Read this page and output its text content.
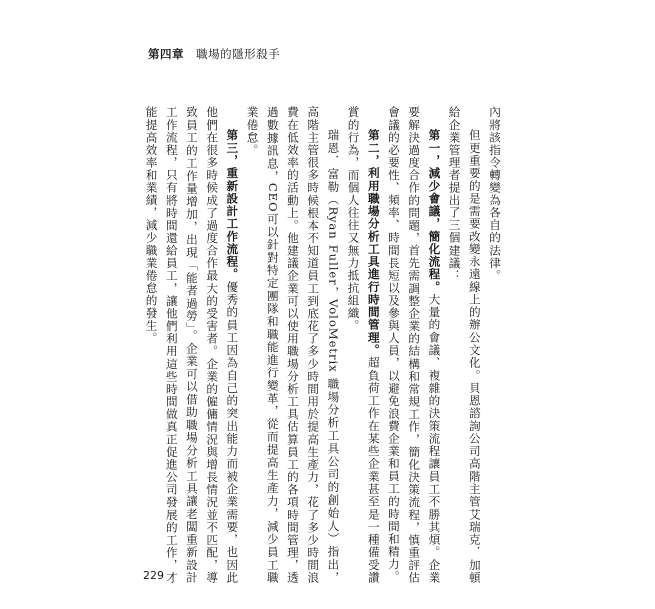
第四章 職場的隱形殺手

內將該指令轉變為各自的法律。

但更重要的是需要改變永遠線上的辦公文化。貝恩諮詢公司高階主管艾瑞克．加頓給企業管理者提出了三個建議：

第一，減少會議，簡化流程。大量的會議、複雜的決策流程讓員工不勝其煩。企業要解決過度合作的問題，首先需調整企業的結構和常規工作，簡化決策流程，慎重評估會議的必要性、頻率、時間長短以及參與人員，以避免浪費企業和員工的時間和精力。

第二，利用職場分析工具進行時間管理。超負荷工作在某些企業甚至是一種備受讚賞的行為，而個人往往又無力抵抗組織。

瑞恩．富勒（Ryan Fuller，VoloMetrix 職場分析工具公司的創始人）指出，高階主管很多時候根本不知道員工到底花了多少時間用於提高生產力，花了多少時間浪費在低效率的活動上。他建議企業可以使用職場分析工具估算員工的各項時間管理，透過數據訊息，CEO可以針對特定團隊和職能進行變革，從而提高生產力，減少員工職業倦怠。

第三，重新設計工作流程。優秀的員工因為自己的突出能力而被企業需要，也因此他們在很多時候成了過度合作最大的受害者。企業的僱傭情況與增長情況並不匹配，導致員工的工作量增加，出現「能者過勞」。企業可以借助職場分析工具讓老闆重新設計工作流程，只有將時間還給員工，讓他們利用這些時間做真正促進公司發展的工作，才能提高效率和業績，減少職業倦怠的發生。

229
